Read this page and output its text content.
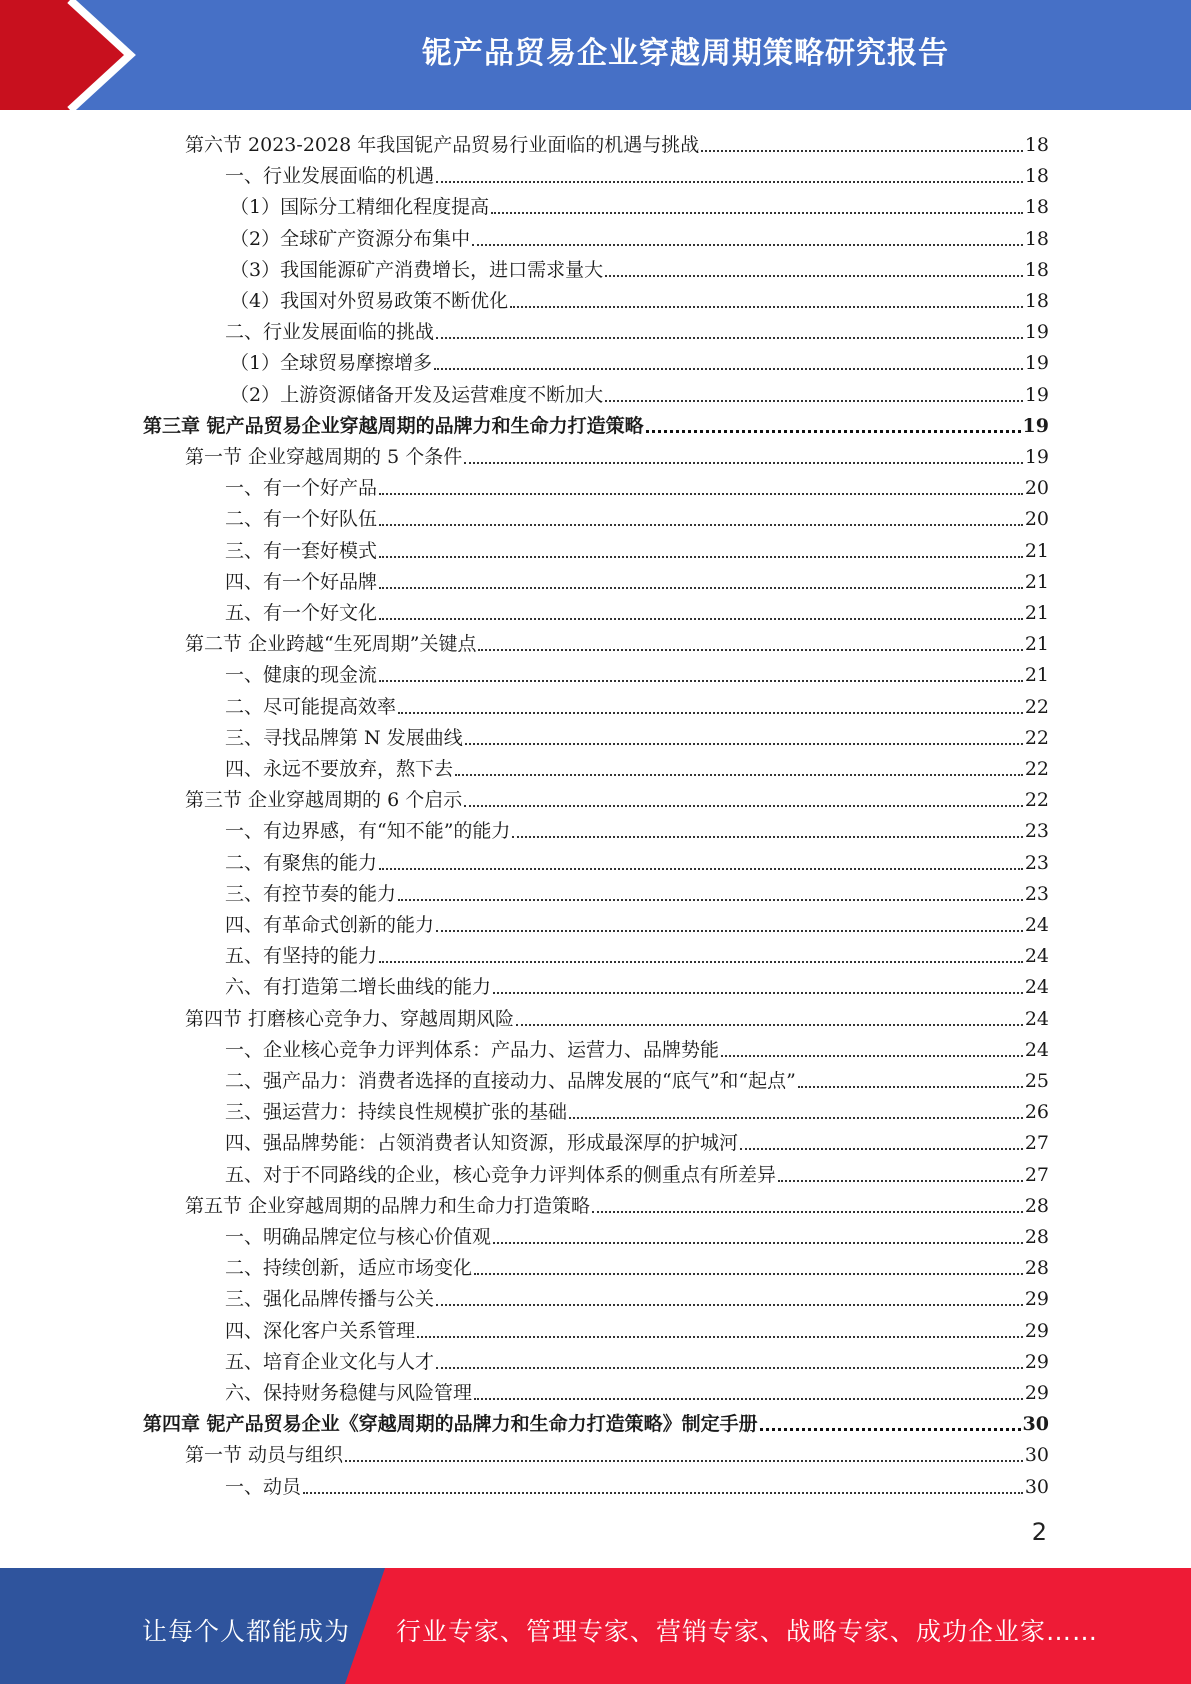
铌产品贸易企业穿越周期策略研究报告
第六节 2023-2028 年我国铌产品贸易行业面临的机遇与挑战	18
一、行业发展面临的机遇	18
（1）国际分工精细化程度提高	18
（2）全球矿产资源分布集中	18
（3）我国能源矿产消费增长，进口需求量大	18
（4）我国对外贸易政策不断优化	18
二、行业发展面临的挑战	19
（1）全球贸易摩擦增多	19
（2）上游资源储备开发及运营难度不断加大	19
第三章 铌产品贸易企业穿越周期的品牌力和生命力打造策略	19
第一节 企业穿越周期的 5 个条件	19
一、有一个好产品	20
二、有一个好队伍	20
三、有一套好模式	21
四、有一个好品牌	21
五、有一个好文化	21
第二节 企业跨越“生死周期”关键点	21
一、健康的现金流	21
二、尽可能提高效率	22
三、寻找品牌第 N 发展曲线	22
四、永远不要放弃，熬下去	22
第三节 企业穿越周期的 6 个启示	22
一、有边界感，有“知不能”的能力	23
二、有聚焦的能力	23
三、有控节奏的能力	23
四、有革命式创新的能力	24
五、有坚持的能力	24
六、有打造第二增长曲线的能力	24
第四节 打磨核心竞争力、穿越周期风险	24
一、企业核心竞争力评判体系：产品力、运营力、品牌势能	24
二、强产品力：消费者选择的直接动力、品牌发展的“底气”和“起点”	25
三、强运营力：持续良性规模扩张的基础	26
四、强品牌势能：占领消费者认知资源，形成最深厚的护城河	27
五、对于不同路线的企业，核心竞争力评判体系的侧重点有所差异	27
第五节 企业穿越周期的品牌力和生命力打造策略	28
一、明确品牌定位与核心价值观	28
二、持续创新，适应市场变化	28
三、强化品牌传播与公关	29
四、深化客户关系管理	29
五、培育企业文化与人才	29
六、保持财务稳健与风险管理	29
第四章 铌产品贸易企业《穿越周期的品牌力和生命力打造策略》制定手册	30
第一节 动员与组织	30
一、动员	30
2
让每个人都能成为 行业专家、管理专家、营销专家、战略专家、成功企业家……
